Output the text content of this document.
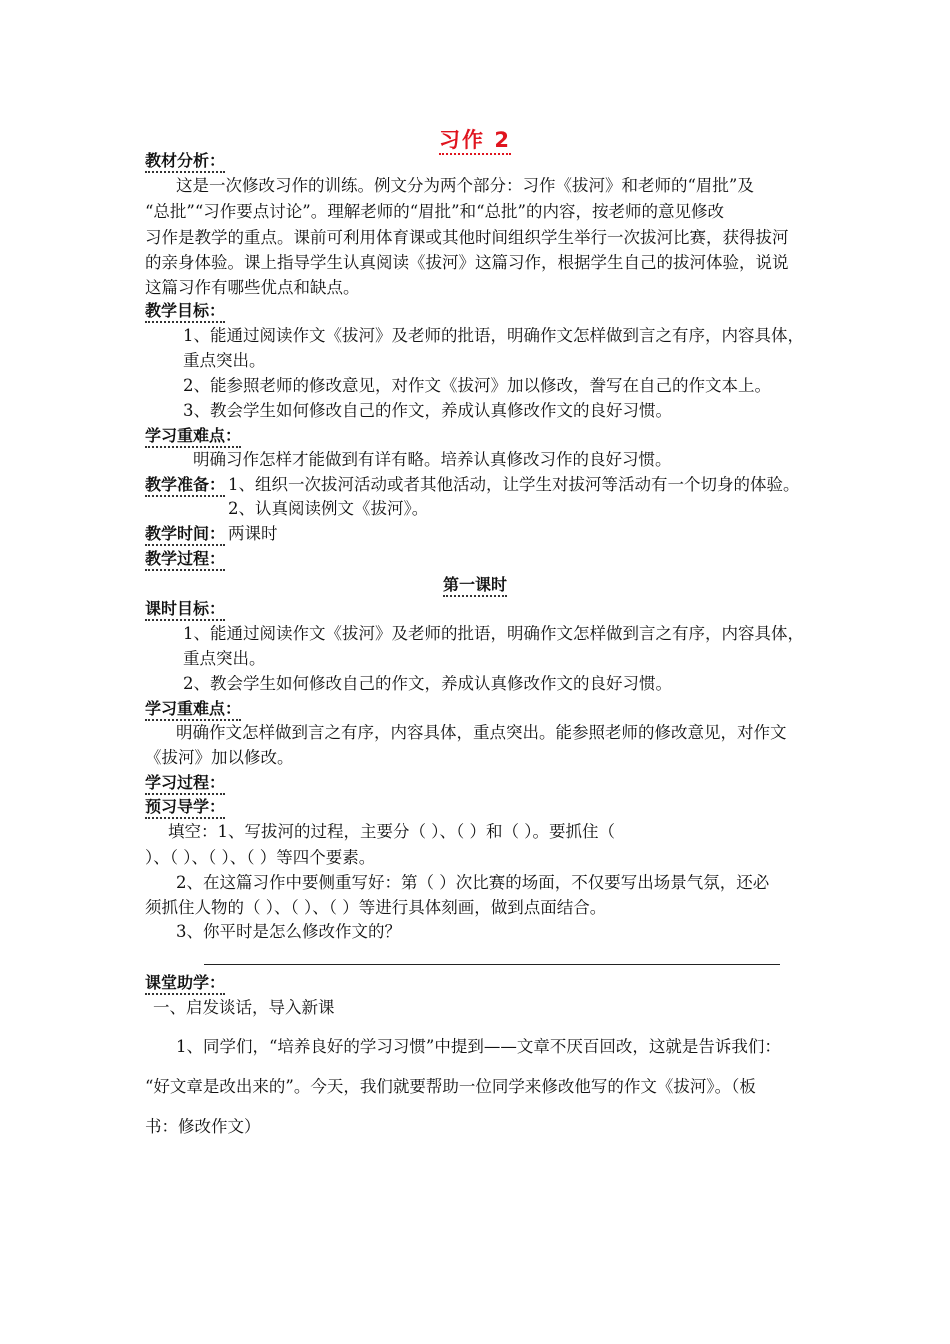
习作 2
教材分析：
这是一次修改习作的训练。例文分为两个部分：习作《拔河》和老师的“眉批”及
“总批”“习作要点讨论”。理解老师的“眉批”和“总批”的内容，按老师的意见修改
习作是教学的重点。课前可利用体育课或其他时间组织学生举行一次拔河比赛，获得拔河
的亲身体验。课上指导学生认真阅读《拔河》这篇习作，根据学生自己的拔河体验，说说
这篇习作有哪些优点和缺点。
教学目标：
1、能通过阅读作文《拔河》及老师的批语，明确作文怎样做到言之有序，内容具体，
重点突出。
2、能参照老师的修改意见，对作文《拔河》加以修改，誊写在自己的作文本上。
3、教会学生如何修改自己的作文，养成认真修改作文的良好习惯。
学习重难点：
明确习作怎样才能做到有详有略。培养认真修改习作的良好习惯。
教学准备： 1、组织一次拔河活动或者其他活动，让学生对拔河等活动有一个切身的体验。
2、认真阅读例文《拔河》。
教学时间： 两课时
教学过程：
第一课时
课时目标：
1、能通过阅读作文《拔河》及老师的批语，明确作文怎样做到言之有序，内容具体，
重点突出。
2、教会学生如何修改自己的作文，养成认真修改作文的良好习惯。
学习重难点：
明确作文怎样做到言之有序，内容具体，重点突出。能参照老师的修改意见，对作文
《拔河》加以修改。
学习过程：
预习导学：
填空：1、写拔河的过程，主要分（ ）、（ ）和（ ）。要抓住（
）、（ ）、（ ）、（ ）等四个要素。
2、在这篇习作中要侧重写好：第（ ）次比赛的场面，不仅要写出场景气氛，还必
须抓住人物的（ ）、（ ）、（ ）等进行具体刻画，做到点面结合。
3、你平时是怎么修改作文的？
课堂助学：
一、启发谈话，导入新课
1、同学们，“培养良好的学习习惯”中提到——文章不厌百回改，这就是告诉我们：
“好文章是改出来的”。今天，我们就要帮助一位同学来修改他写的作文《拔河》。（板
书：修改作文）
